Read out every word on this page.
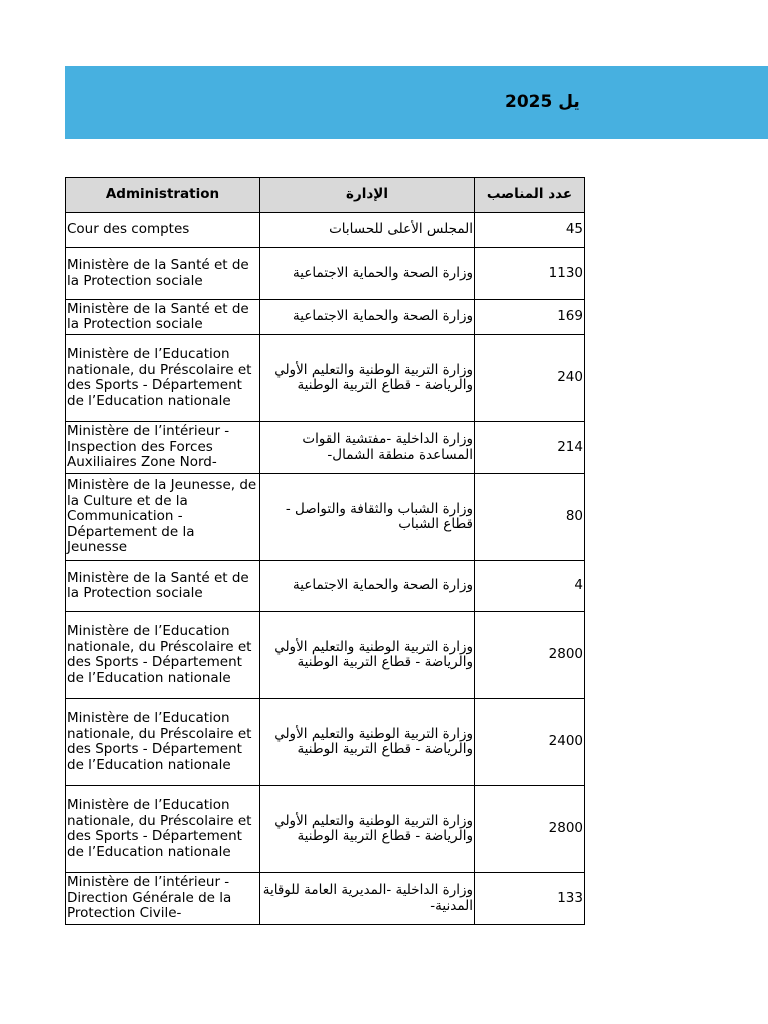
يل 2025
Administration	الإدارة	عدد المناصب
Cour des comptes	المجلس الأعلى للحسابات	45
Ministère de la Santé et de la Protection sociale	وزارة الصحة والحماية الاجتماعية	1130
Ministère de la Santé et de la Protection sociale	وزارة الصحة والحماية الاجتماعية	169
Ministère de l’Education nationale, du Préscolaire et des Sports - Département de l’Education nationale	وزارة التربية الوطنية والتعليم الأولي والرياضة - قطاع التربية الوطنية	240
Ministère de l’intérieur - Inspection des Forces Auxiliaires Zone Nord-	وزارة الداخلية -مفتشية القوات المساعدة منطقة الشمال-	214
Ministère de la Jeunesse, de la Culture et de la Communication - Département de la Jeunesse	وزارة الشباب والثقافة والتواصل - قطاع الشباب	80
Ministère de la Santé et de la Protection sociale	وزارة الصحة والحماية الاجتماعية	4
Ministère de l’Education nationale, du Préscolaire et des Sports - Département de l’Education nationale	وزارة التربية الوطنية والتعليم الأولي والرياضة - قطاع التربية الوطنية	2800
Ministère de l’Education nationale, du Préscolaire et des Sports - Département de l’Education nationale	وزارة التربية الوطنية والتعليم الأولي والرياضة - قطاع التربية الوطنية	2400
Ministère de l’Education nationale, du Préscolaire et des Sports - Département de l’Education nationale	وزارة التربية الوطنية والتعليم الأولي والرياضة - قطاع التربية الوطنية	2800
Ministère de l’intérieur - Direction Générale de la Protection Civile-	وزارة الداخلية -المديرية العامة للوقاية المدنية-	133
